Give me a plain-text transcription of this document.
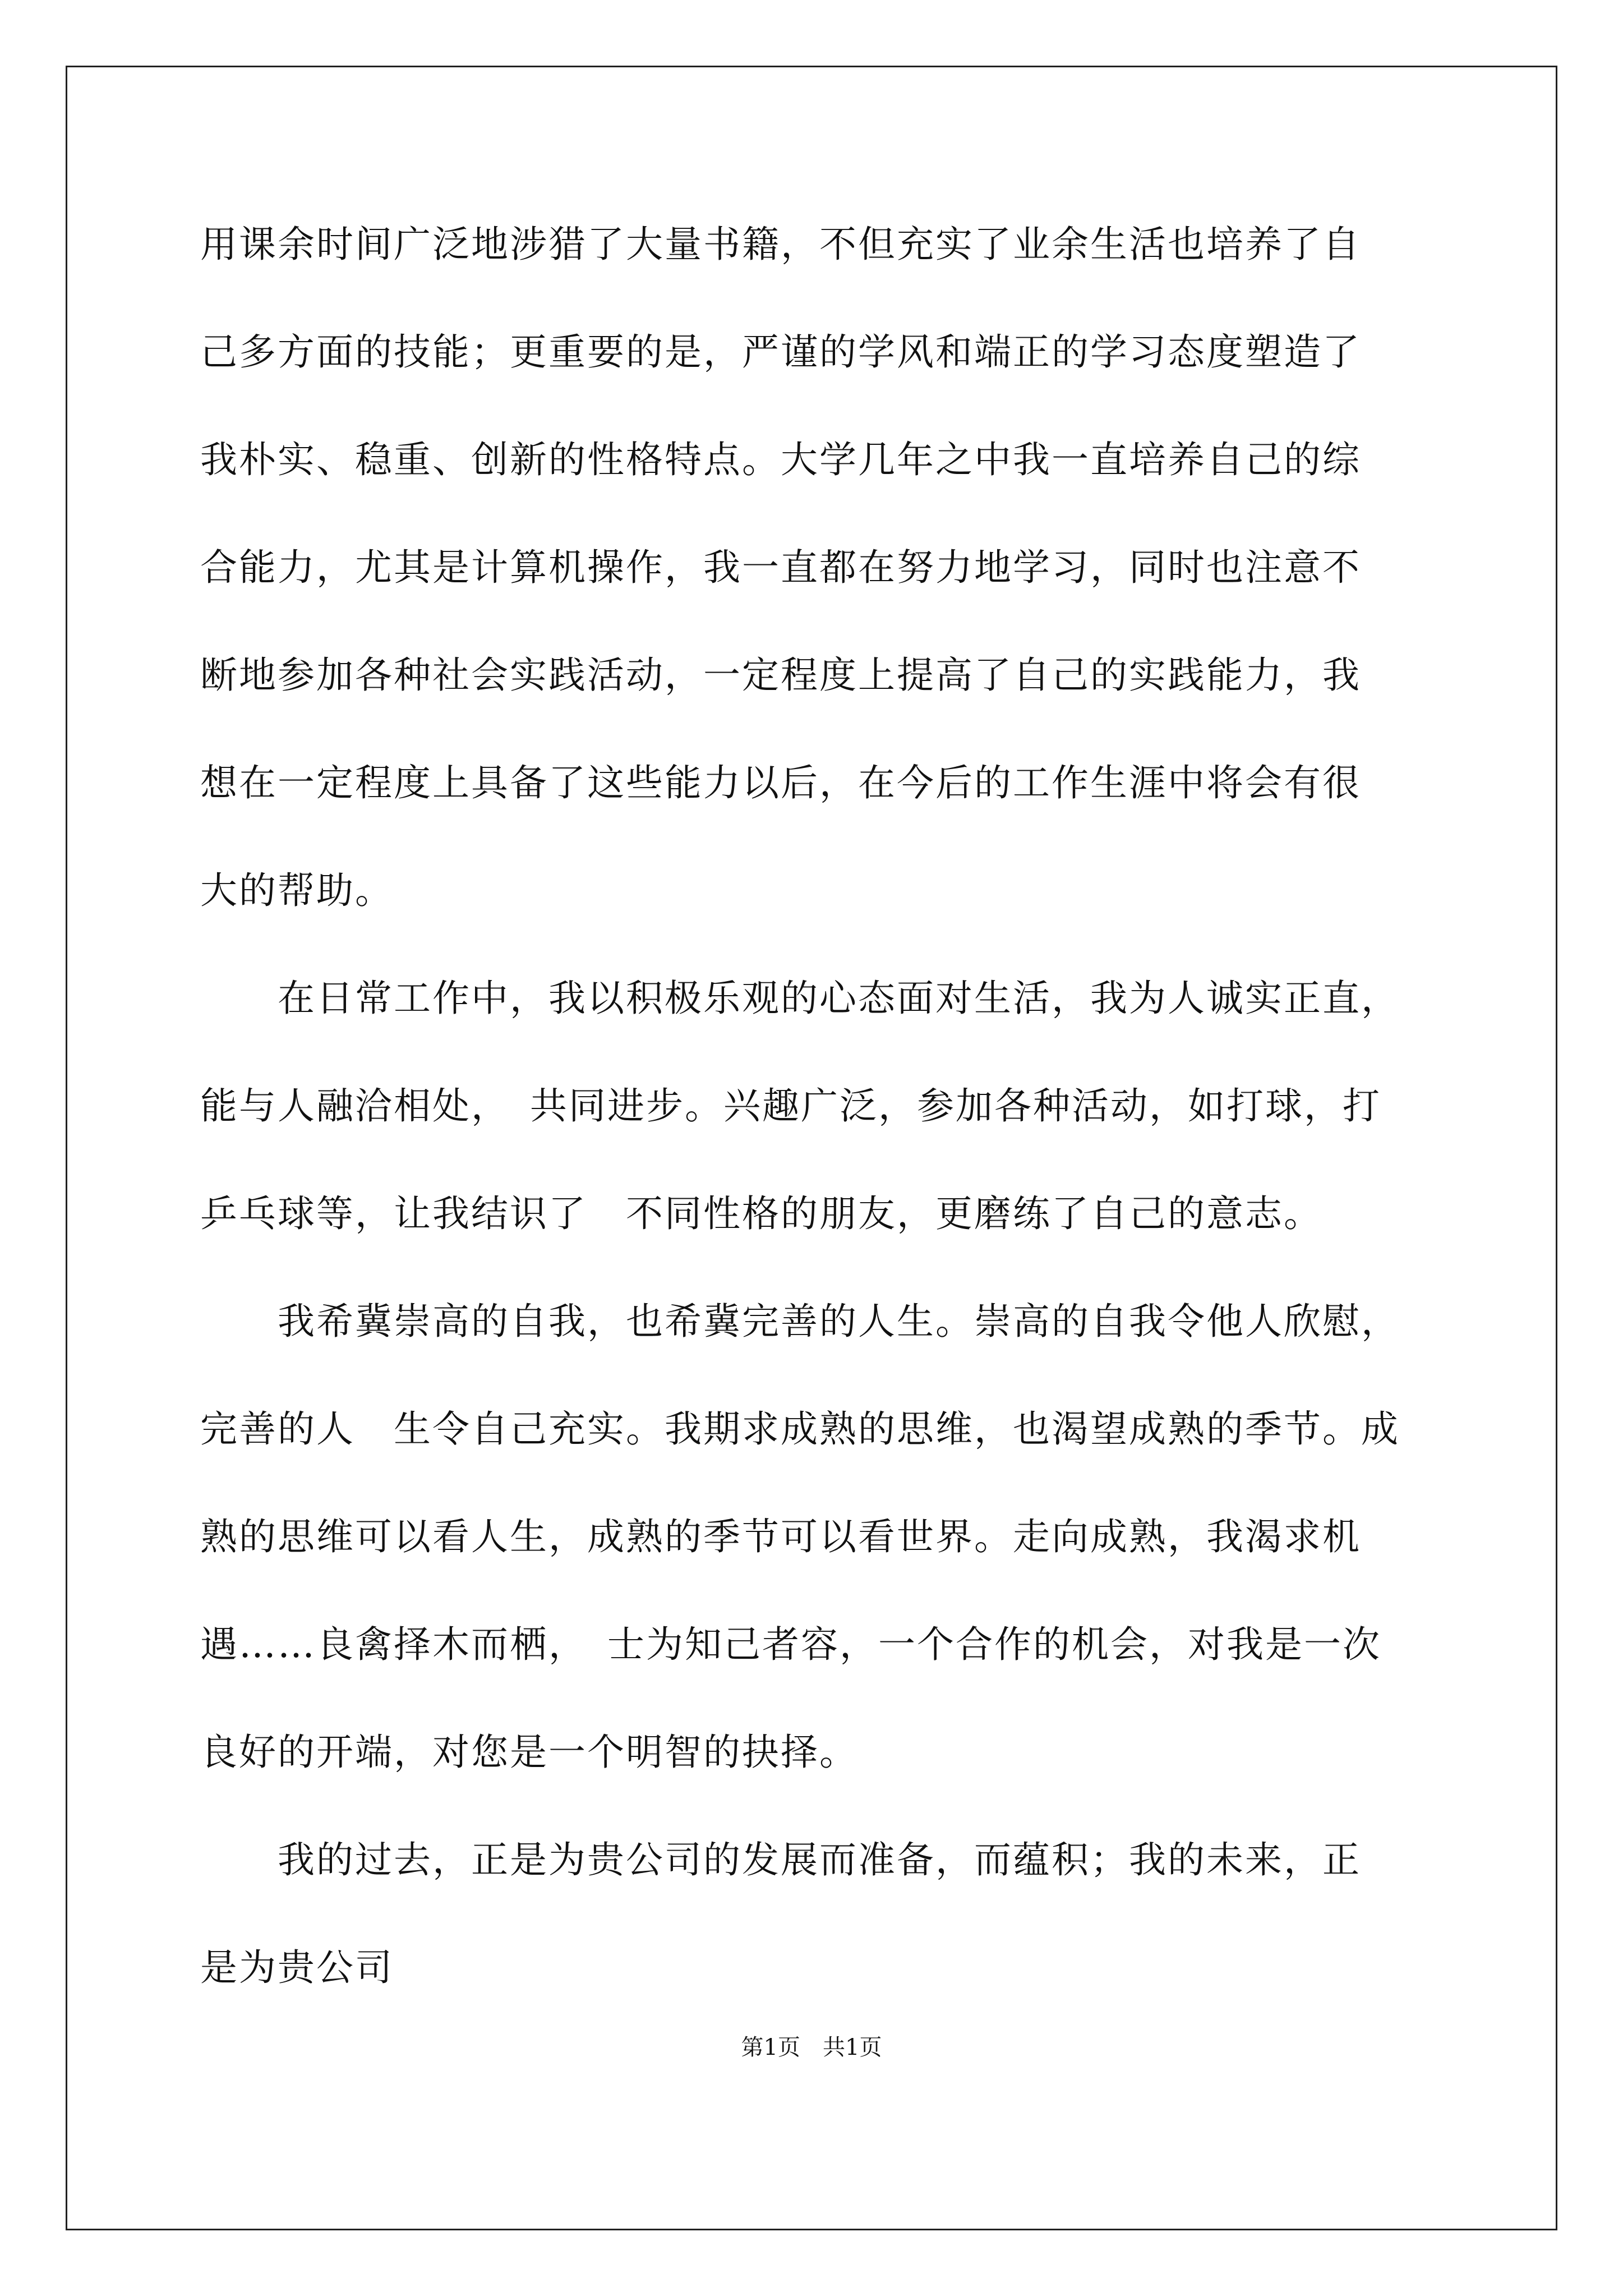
用课余时间广泛地涉猎了大量书籍，不但充实了业余生活也培养了自
己多方面的技能；更重要的是，严谨的学风和端正的学习态度塑造了
我朴实、稳重、创新的性格特点。大学几年之中我一直培养自己的综
合能力，尤其是计算机操作，我一直都在努力地学习，同时也注意不
断地参加各种社会实践活动，一定程度上提高了自己的实践能力，我
想在一定程度上具备了这些能力以后，在今后的工作生涯中将会有很
大的帮助。
　　在日常工作中，我以积极乐观的心态面对生活，我为人诚实正直，
能与人融洽相处，　共同进步。兴趣广泛，参加各种活动，如打球，打
乒乓球等，让我结识了　不同性格的朋友，更磨练了自己的意志。
　　我希冀崇高的自我，也希冀完善的人生。崇高的自我令他人欣慰，
完善的人　生令自己充实。我期求成熟的思维，也渴望成熟的季节。成
熟的思维可以看人生，成熟的季节可以看世界。走向成熟，我渴求机
遇……良禽择木而栖，　士为知己者容，一个合作的机会，对我是一次
良好的开端，对您是一个明智的抉择。
　　我的过去，正是为贵公司的发展而准备，而蕴积；我的未来，正
是为贵公司
第1页　共1页
